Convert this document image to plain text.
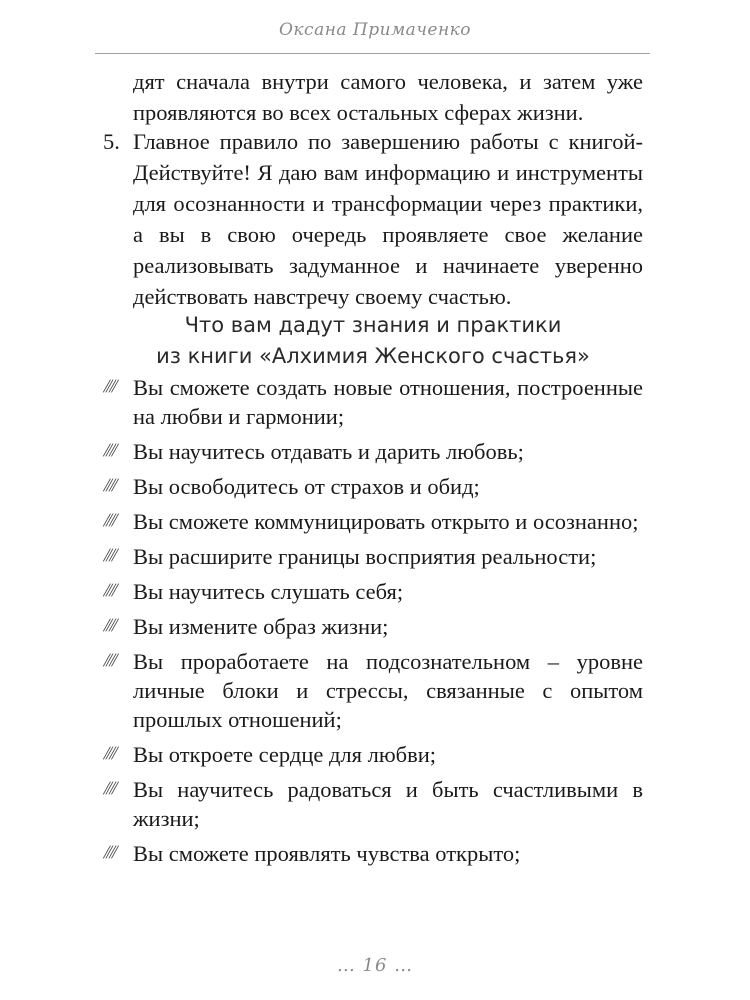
Оксана Примаченко
дят сначала внутри самого человека, и затем уже проявляются во всех остальных сферах жизни.
5. Главное правило по завершению работы с книгой- Действуйте! Я даю вам информацию и инструменты для осознанности и трансформации через практики, а вы в свою очередь проявляете свое желание реализовывать задуманное и начинаете уверенно действовать навстречу своему счастью.
Что вам дадут знания и практики
из книги «Алхимия Женского счастья»
⫽⫽ Вы сможете создать новые отношения, построенные на любви и гармонии;
⫽⫽ Вы научитесь отдавать и дарить любовь;
⫽⫽ Вы освободитесь от страхов и обид;
⫽⫽ Вы сможете коммуницировать открыто и осознанно;
⫽⫽ Вы расширите границы восприятия реальности;
⫽⫽ Вы научитесь слушать себя;
⫽⫽ Вы измените образ жизни;
⫽⫽ Вы проработаете на подсознательном – уровне личные блоки и стрессы, связанные с опытом прошлых отношений;
⫽⫽ Вы откроете сердце для любви;
⫽⫽ Вы научитесь радоваться и быть счастливыми в жизни;
⫽⫽ Вы сможете проявлять чувства открыто;
… 16 …
